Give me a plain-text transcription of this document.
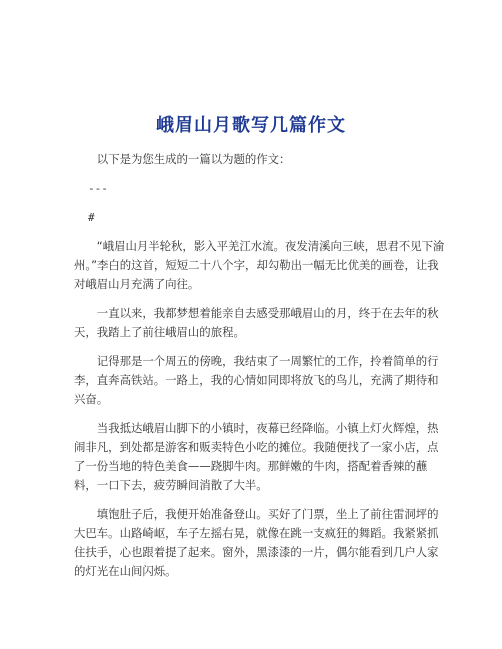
峨眉山月歌写几篇作文

以下是为您生成的一篇以为题的作文：

---
#

“峨眉山月半轮秋，影入平羌江水流。夜发清溪向三峡，思君不见下渝州。”李白的这首，短短二十八个字，却勾勒出一幅无比优美的画卷，让我对峨眉山月充满了向往。

一直以来，我都梦想着能亲自去感受那峨眉山的月，终于在去年的秋天，我踏上了前往峨眉山的旅程。

记得那是一个周五的傍晚，我结束了一周繁忙的工作，拎着简单的行李，直奔高铁站。一路上，我的心情如同即将放飞的鸟儿，充满了期待和兴奋。

当我抵达峨眉山脚下的小镇时，夜幕已经降临。小镇上灯火辉煌，热闹非凡，到处都是游客和贩卖特色小吃的摊位。我随便找了一家小店，点了一份当地的特色美食——跷脚牛肉。那鲜嫩的牛肉，搭配着香辣的蘸料，一口下去，疲劳瞬间消散了大半。

填饱肚子后，我便开始准备登山。买好了门票，坐上了前往雷洞坪的大巴车。山路崎岖，车子左摇右晃，就像在跳一支疯狂的舞蹈。我紧紧抓住扶手，心也跟着提了起来。窗外，黑漆漆的一片，偶尔能看到几户人家的灯光在山间闪烁。
